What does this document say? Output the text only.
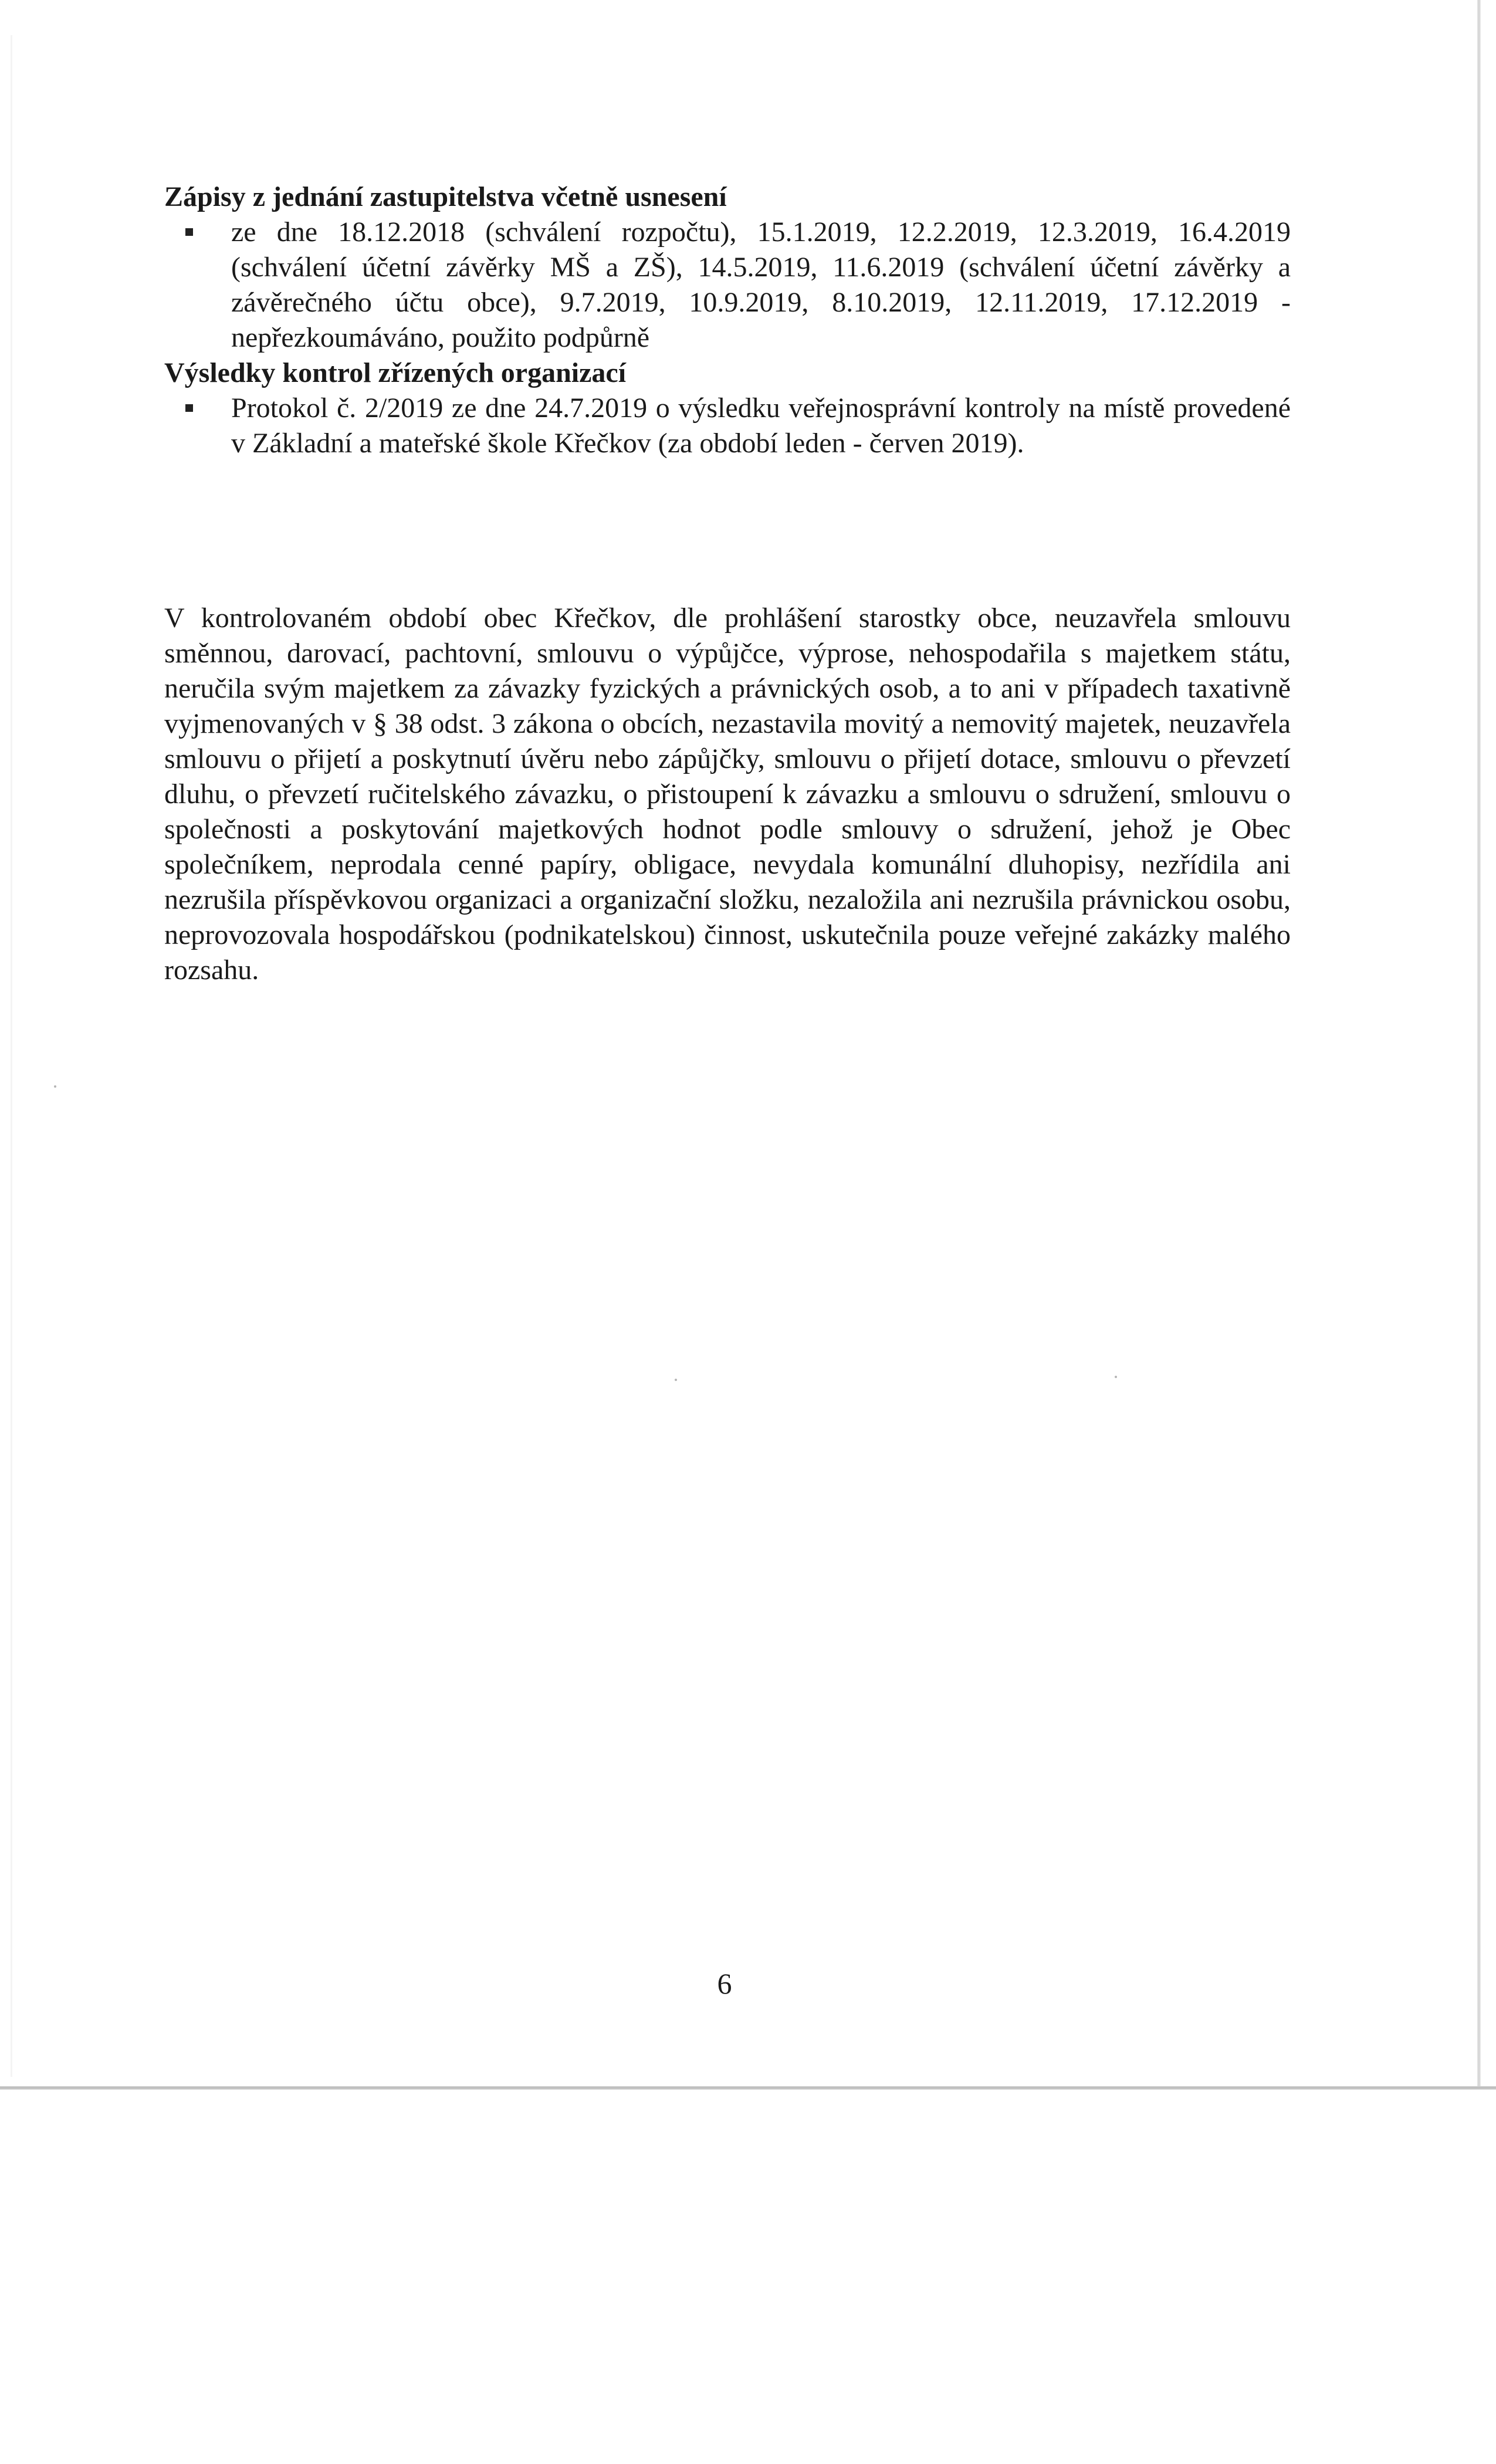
Zápisy z jednání zastupitelstva včetně usnesení

ze dne 18.12.2018 (schválení rozpočtu), 15.1.2019, 12.2.2019, 12.3.2019, 16.4.2019 (schválení účetní závěrky MŠ a ZŠ), 14.5.2019, 11.6.2019 (schválení účetní závěrky a závěrečného účtu obce), 9.7.2019, 10.9.2019, 8.10.2019, 12.11.2019, 17.12.2019 - nepřezkoumáváno, použito podpůrně

Výsledky kontrol zřízených organizací

Protokol č. 2/2019 ze dne 24.7.2019 o výsledku veřejnosprávní kontroly na místě provedené v Základní a mateřské škole Křečkov (za období leden - červen 2019).

V kontrolovaném období obec Křečkov, dle prohlášení starostky obce, neuzavřela smlouvu směnnou, darovací, pachtovní, smlouvu o výpůjčce, výprose, nehospodařila s majetkem státu, neručila svým majetkem za závazky fyzických a právnických osob, a to ani v případech taxativně vyjmenovaných v § 38 odst. 3 zákona o obcích, nezastavila movitý a nemovitý majetek, neuzavřela smlouvu o přijetí a poskytnutí úvěru nebo zápůjčky, smlouvu o přijetí dotace, smlouvu o převzetí dluhu, o převzetí ručitelského závazku, o přistoupení k závazku a smlouvu o sdružení, smlouvu o společnosti a poskytování majetkových hodnot podle smlouvy o sdružení, jehož je Obec společníkem, neprodala cenné papíry, obligace, nevydala komunální dluhopisy, nezřídila ani nezrušila příspěvkovou organizaci a organizační složku, nezaložila ani nezrušila právnickou osobu, neprovozovala hospodářskou (podnikatelskou) činnost, uskutečnila pouze veřejné zakázky malého rozsahu.

6
